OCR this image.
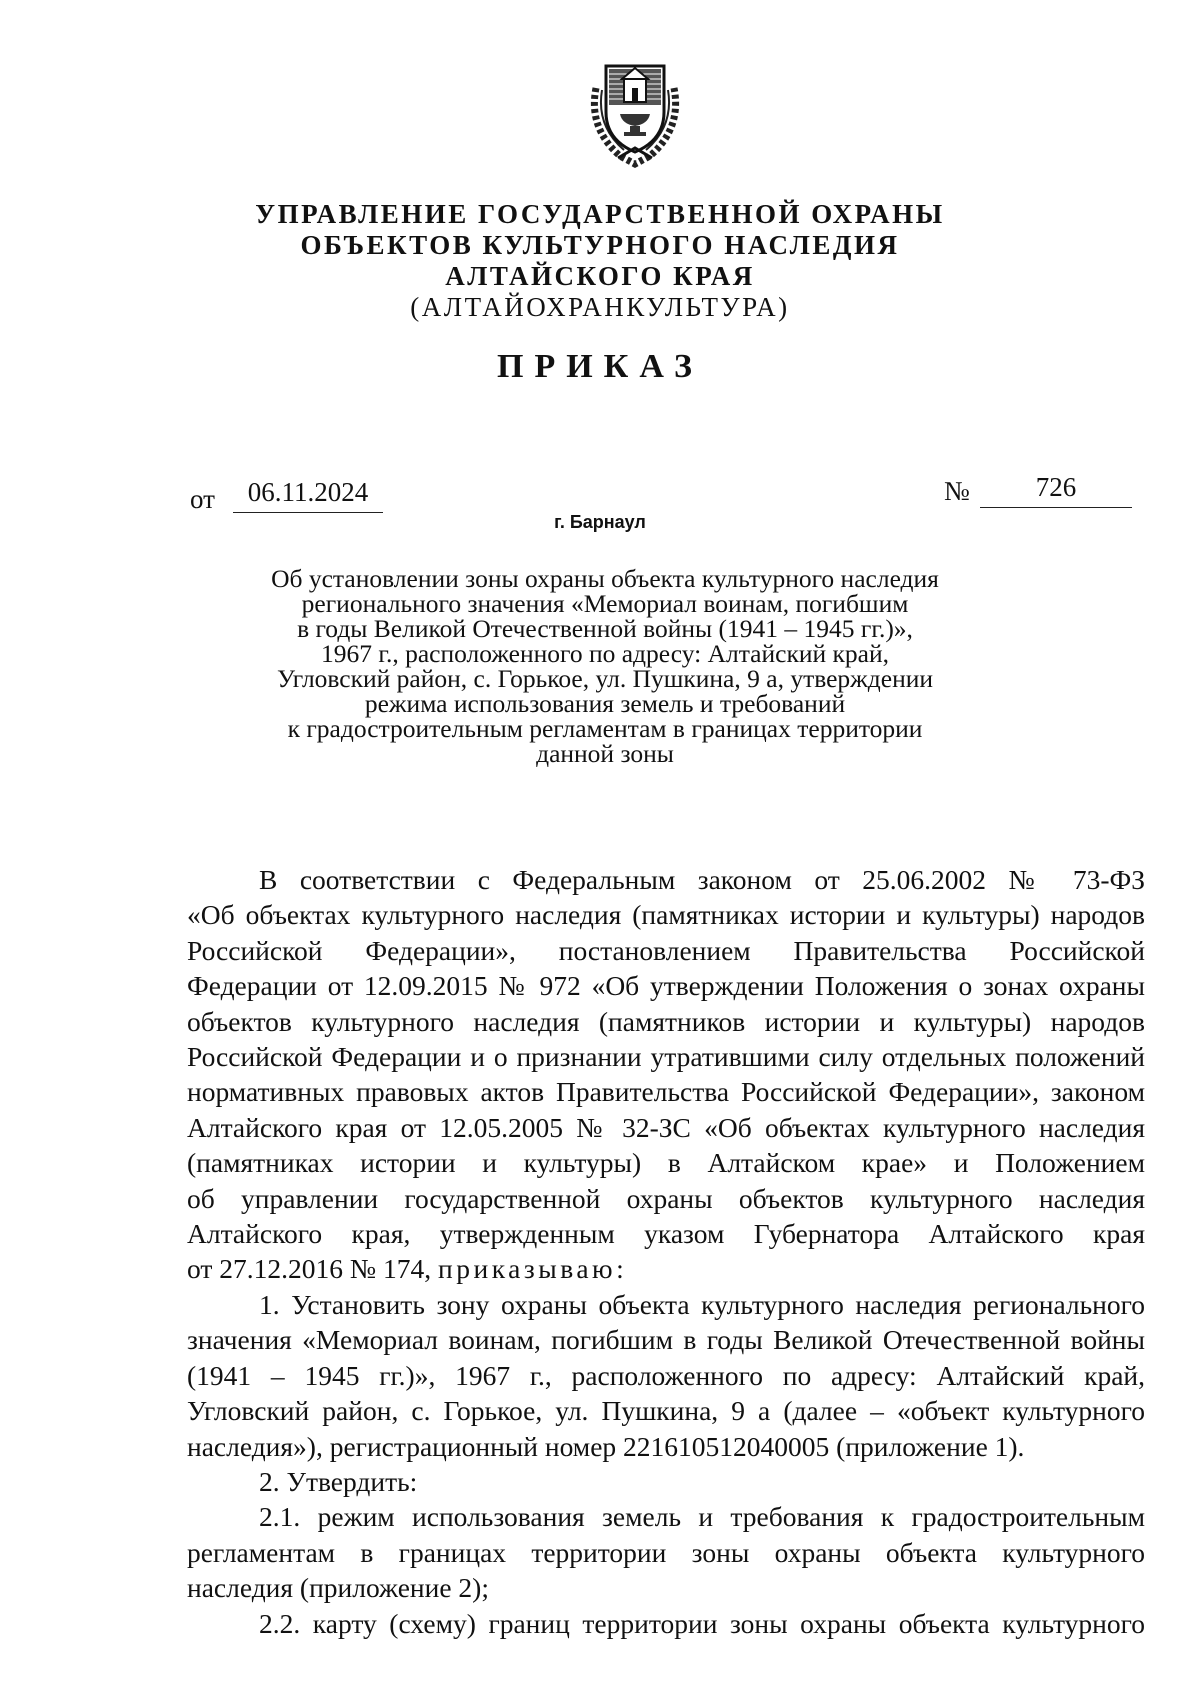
УПРАВЛЕНИЕ ГОСУДАРСТВЕННОЙ ОХРАНЫ
ОБЪЕКТОВ КУЛЬТУРНОГО НАСЛЕДИЯ
АЛТАЙСКОГО КРАЯ
(АЛТАЙОХРАНКУЛЬТУРА)
ПРИКАЗ
от	06.11.2024	№	726
г. Барнаул
Об установлении зоны охраны объекта культурного наследия
регионального значения «Мемориал воинам, погибшим
в годы Великой Отечественной войны (1941 – 1945 гг.)»,
1967 г., расположенного по адресу: Алтайский край,
Угловский район, с. Горькое, ул. Пушкина, 9 а, утверждении
режима использования земель и требований
к градостроительным регламентам в границах территории
данной зоны
В соответствии с Федеральным законом от 25.06.2002 № 73-ФЗ
«Об объектах культурного наследия (памятниках истории и культуры) народов
Российской Федерации», постановлением Правительства Российской
Федерации от 12.09.2015 № 972 «Об утверждении Положения о зонах охраны
объектов культурного наследия (памятников истории и культуры) народов
Российской Федерации и о признании утратившими силу отдельных положений
нормативных правовых актов Правительства Российской Федерации», законом
Алтайского края от 12.05.2005 № 32-ЗС «Об объектах культурного наследия
(памятниках истории и культуры) в Алтайском крае» и Положением
об управлении государственной охраны объектов культурного наследия
Алтайского края, утвержденным указом Губернатора Алтайского края
от 27.12.2016 № 174, приказываю:
1. Установить зону охраны объекта культурного наследия регионального
значения «Мемориал воинам, погибшим в годы Великой Отечественной войны
(1941 – 1945 гг.)», 1967 г., расположенного по адресу: Алтайский край,
Угловский район, с. Горькое, ул. Пушкина, 9 а (далее – «объект культурного
наследия»), регистрационный номер 221610512040005 (приложение 1).
2. Утвердить:
2.1. режим использования земель и требования к градостроительным
регламентам в границах территории зоны охраны объекта культурного
наследия (приложение 2);
2.2. карту (схему) границ территории зоны охраны объекта культурного
